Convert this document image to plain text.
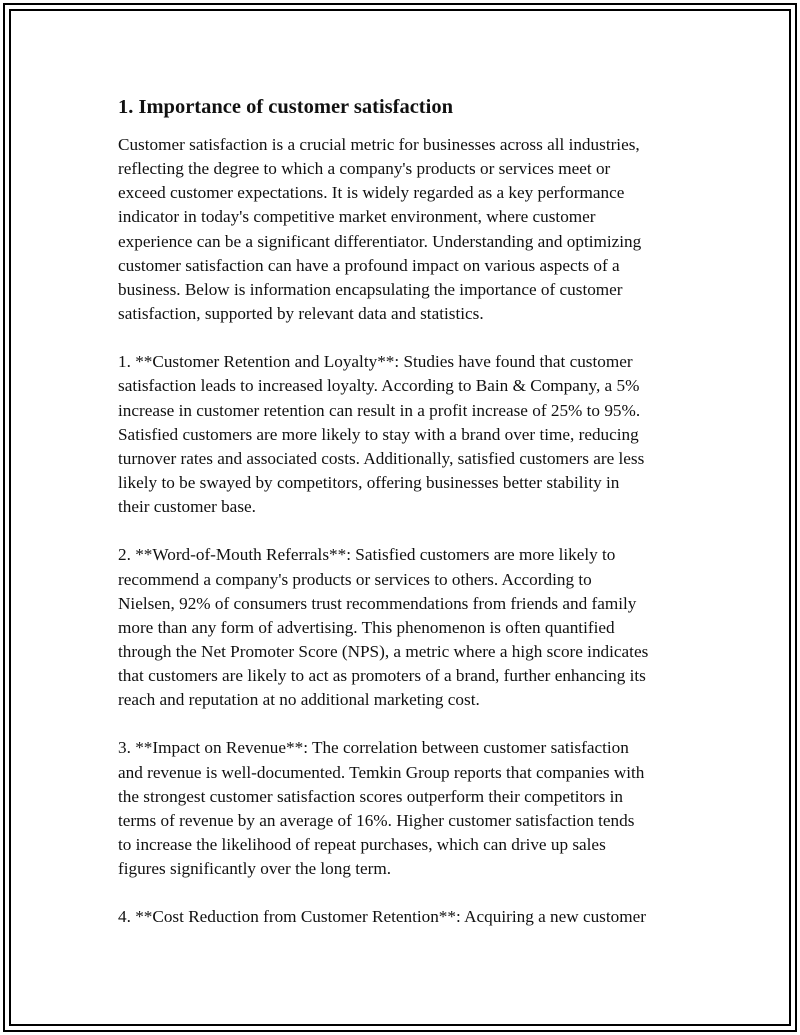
1. Importance of customer satisfaction

Customer satisfaction is a crucial metric for businesses across all industries,
reflecting the degree to which a company's products or services meet or
exceed customer expectations. It is widely regarded as a key performance
indicator in today's competitive market environment, where customer
experience can be a significant differentiator. Understanding and optimizing
customer satisfaction can have a profound impact on various aspects of a
business. Below is information encapsulating the importance of customer
satisfaction, supported by relevant data and statistics.

1. **Customer Retention and Loyalty**: Studies have found that customer
satisfaction leads to increased loyalty. According to Bain & Company, a 5%
increase in customer retention can result in a profit increase of 25% to 95%.
Satisfied customers are more likely to stay with a brand over time, reducing
turnover rates and associated costs. Additionally, satisfied customers are less
likely to be swayed by competitors, offering businesses better stability in
their customer base.

2. **Word-of-Mouth Referrals**: Satisfied customers are more likely to
recommend a company's products or services to others. According to
Nielsen, 92% of consumers trust recommendations from friends and family
more than any form of advertising. This phenomenon is often quantified
through the Net Promoter Score (NPS), a metric where a high score indicates
that customers are likely to act as promoters of a brand, further enhancing its
reach and reputation at no additional marketing cost.

3. **Impact on Revenue**: The correlation between customer satisfaction
and revenue is well-documented. Temkin Group reports that companies with
the strongest customer satisfaction scores outperform their competitors in
terms of revenue by an average of 16%. Higher customer satisfaction tends
to increase the likelihood of repeat purchases, which can drive up sales
figures significantly over the long term.

4. **Cost Reduction from Customer Retention**: Acquiring a new customer
